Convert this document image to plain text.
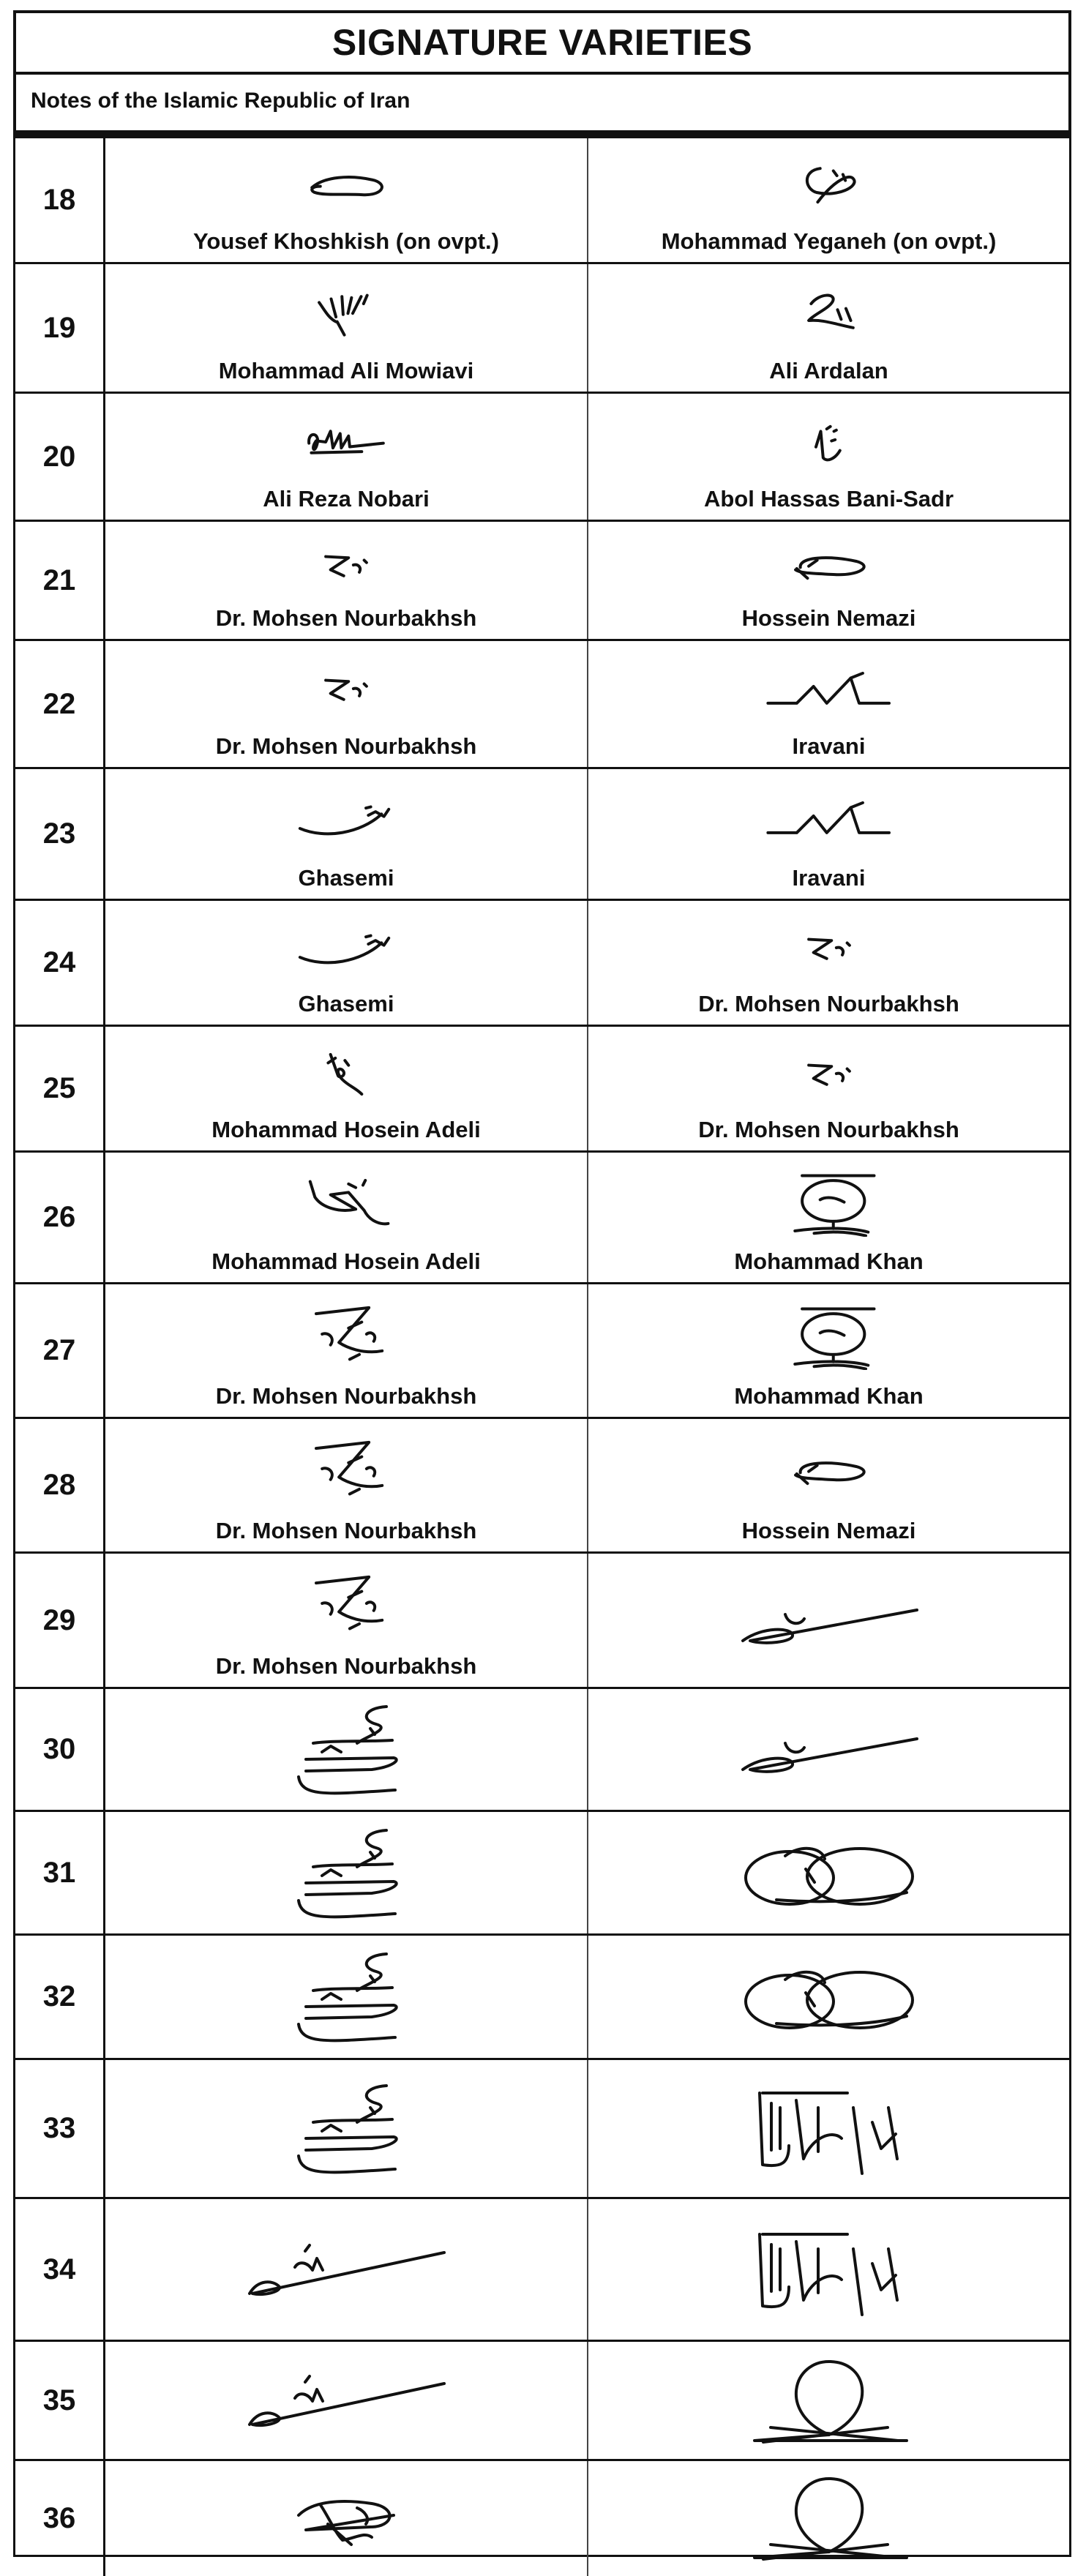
SIGNATURE VARIETIES
Notes of the Islamic Republic of Iran
18
Yousef Khoshkish (on ovpt.)	Mohammad Yeganeh (on ovpt.)
19
Mohammad Ali Mowiavi	Ali Ardalan
20
Ali Reza Nobari	Abol Hassas Bani-Sadr
21
Dr. Mohsen Nourbakhsh	Hossein Nemazi
22
Dr. Mohsen Nourbakhsh	Iravani
23
Ghasemi	Iravani
24
Ghasemi	Dr. Mohsen Nourbakhsh
25
Mohammad Hosein Adeli	Dr. Mohsen Nourbakhsh
26
Mohammad Hosein Adeli	Mohammad Khan
27
Dr. Mohsen Nourbakhsh	Mohammad Khan
28
Dr. Mohsen Nourbakhsh	Hossein Nemazi
29
Dr. Mohsen Nourbakhsh
30
31
32
33
34
35
36
